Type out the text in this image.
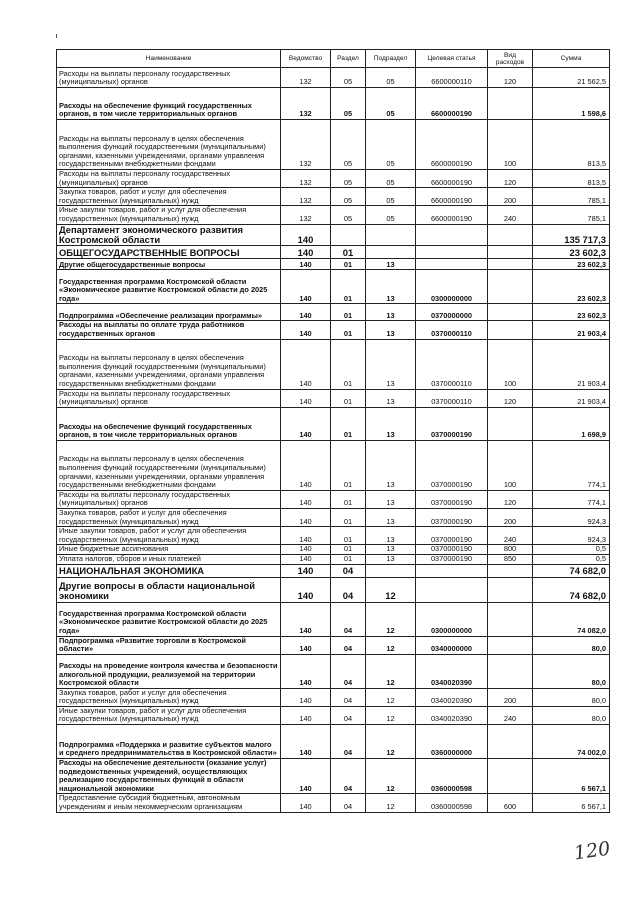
Наименование	Ведомство	Раздел	Подраздел	Целевая статья	Вид расходов	Сумма
Расходы на выплаты персоналу государственных (муниципальных) органов	132	05	05	6600000110	120	21 562,5
Расходы на обеспечение функций государственных органов, в том числе территориальных органов	132	05	05	6600000190		1 598,6
Расходы на выплаты персоналу в целях обеспечения выполнения функций государственными (муниципальными) органами, казенными учреждениями, органами управления государственными внебюджетными фондами	132	05	05	6600000190	100	813,5
Расходы на выплаты персоналу государственных (муниципальных) органов	132	05	05	6600000190	120	813,5
Закупка товаров, работ и услуг для обеспечения государственных (муниципальных) нужд	132	05	05	6600000190	200	785,1
Иные закупки товаров, работ и услуг для обеспечения государственных (муниципальных) нужд	132	05	05	6600000190	240	785,1
Департамент экономического развития Костромской области	140					135 717,3
ОБЩЕГОСУДАРСТВЕННЫЕ ВОПРОСЫ	140	01				23 602,3
Другие общегосударственные вопросы	140	01	13			23 602,3
Государственная программа Костромской области «Экономическое развитие Костромской области до 2025 года»	140	01	13	0300000000		23 602,3
Подпрограмма «Обеспечение реализации программы»	140	01	13	0370000000		23 602,3
Расходы на выплаты по оплате труда работников государственных органов	140	01	13	0370000110		21 903,4
Расходы на выплаты персоналу в целях обеспечения выполнения функций государственными (муниципальными) органами, казенными учреждениями, органами управления государственными внебюджетными фондами	140	01	13	0370000110	100	21 903,4
Расходы на выплаты персоналу государственных (муниципальных) органов	140	01	13	0370000110	120	21 903,4
Расходы на обеспечение функций государственных органов, в том числе территориальных органов	140	01	13	0370000190		1 698,9
Расходы на выплаты персоналу в целях обеспечения выполнения функций государственными (муниципальными) органами, казенными учреждениями, органами управления государственными внебюджетными фондами	140	01	13	0370000190	100	774,1
Расходы на выплаты персоналу государственных (муниципальных) органов	140	01	13	0370000190	120	774,1
Закупка товаров, работ и услуг для обеспечения государственных (муниципальных) нужд	140	01	13	0370000190	200	924,3
Иные закупки товаров, работ и услуг для обеспечения государственных (муниципальных) нужд	140	01	13	0370000190	240	924,3
Иные бюджетные ассигнования	140	01	13	0370000190	800	0,5
Уплата налогов, сборов и иных платежей	140	01	13	0370000190	850	0,5
НАЦИОНАЛЬНАЯ ЭКОНОМИКА	140	04				74 682,0
Другие вопросы в области национальной экономики	140	04	12			74 682,0
Государственная программа Костромской области «Экономическое развитие Костромской области до 2025 года»	140	04	12	0300000000		74 082,0
Подпрограмма «Развитие торговли в Костромской области»	140	04	12	0340000000		80,0
Расходы на проведение контроля качества и безопасности алкогольной продукции, реализуемой на территории Костромской области	140	04	12	0340020390		80,0
Закупка товаров, работ и услуг для обеспечения государственных (муниципальных) нужд	140	04	12	0340020390	200	80,0
Иные закупки товаров, работ и услуг для обеспечения государственных (муниципальных) нужд	140	04	12	0340020390	240	80,0
Подпрограмма «Поддержка и развитие субъектов малого и среднего предпринимательства в Костромской области»	140	04	12	0360000000		74 002,0
Расходы на обеспечение деятельности (оказание услуг) подведомственных учреждений, осуществляющих реализацию государственных функций в области национальной экономики	140	04	12	0360000598		6 567,1
Предоставление субсидий бюджетным, автономным учреждениям и иным некоммерческим организациям	140	04	12	0360000598	600	6 567,1
120
